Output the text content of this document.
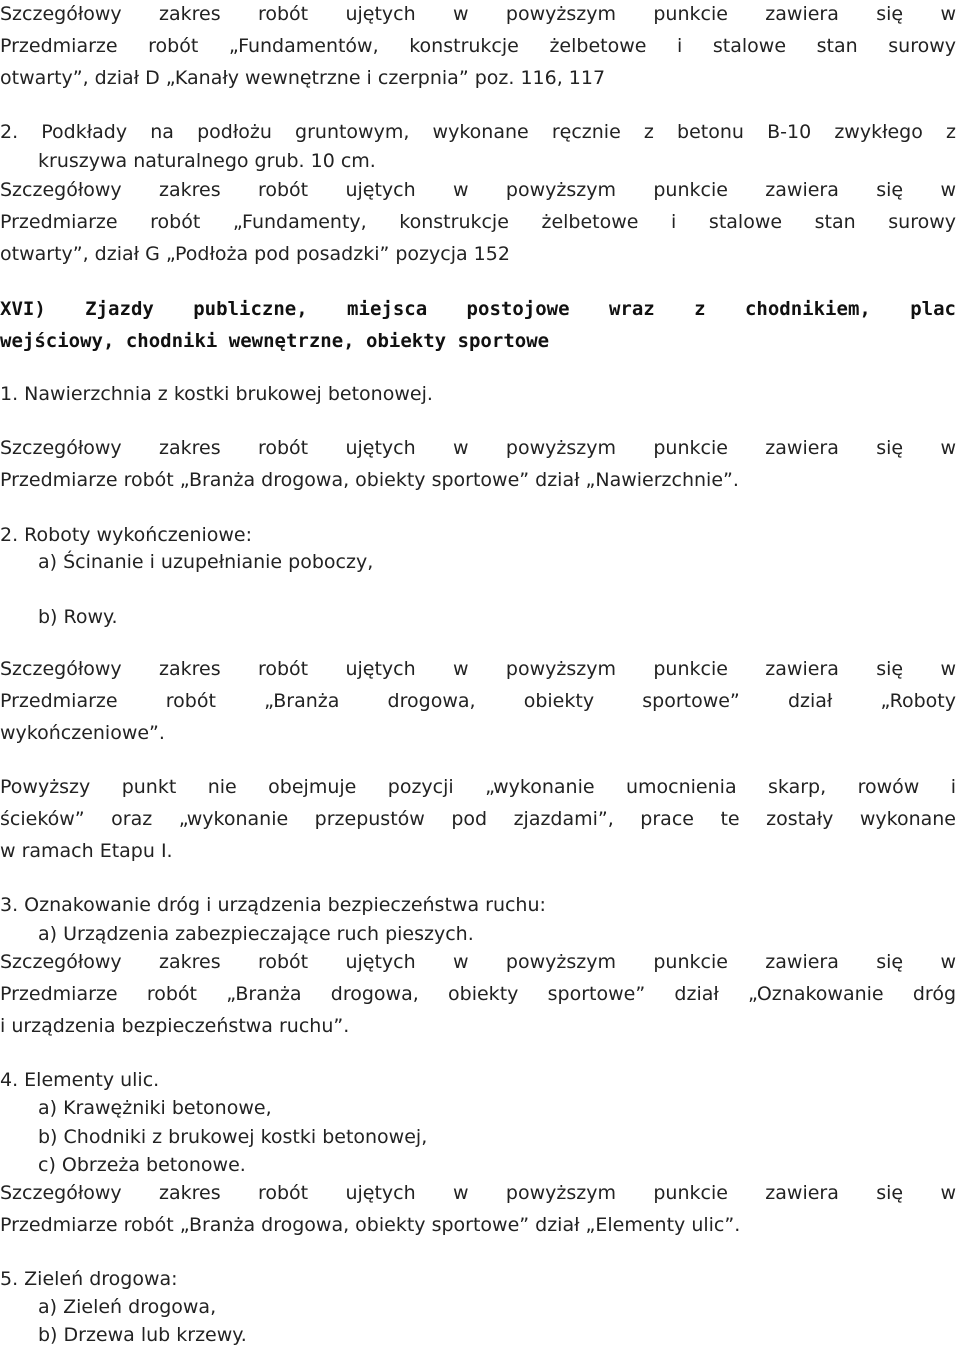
Szczegółowy zakres robót ujętych w powyższym punkcie zawiera się w
Przedmiarze robót „Fundamentów, konstrukcje żelbetowe i stalowe stan surowy
otwarty”, dział D „Kanały wewnętrzne i czerpnia” poz. 116, 117
2. Podkłady na podłożu gruntowym, wykonane ręcznie z betonu B-10 zwykłego z
kruszywa naturalnego grub. 10 cm.
Szczegółowy zakres robót ujętych w powyższym punkcie zawiera się w
Przedmiarze robót „Fundamenty, konstrukcje żelbetowe i stalowe stan surowy
otwarty”, dział G „Podłoża pod posadzki” pozycja 152
XVI) Zjazdy publiczne, miejsca postojowe wraz z chodnikiem, plac
wejściowy, chodniki wewnętrzne, obiekty sportowe
1. Nawierzchnia z kostki brukowej betonowej.
Szczegółowy zakres robót ujętych w powyższym punkcie zawiera się w
Przedmiarze robót „Branża drogowa, obiekty sportowe” dział „Nawierzchnie”.
2. Roboty wykończeniowe:
a) Ścinanie i uzupełnianie poboczy,
b) Rowy.
Szczegółowy zakres robót ujętych w powyższym punkcie zawiera się w
Przedmiarze robót „Branża drogowa, obiekty sportowe” dział „Roboty
wykończeniowe”.
Powyższy punkt nie obejmuje pozycji „wykonanie umocnienia skarp, rowów i
ścieków” oraz „wykonanie przepustów pod zjazdami”, prace te zostały wykonane
w ramach Etapu I.
3. Oznakowanie dróg i urządzenia bezpieczeństwa ruchu:
a) Urządzenia zabezpieczające ruch pieszych.
Szczegółowy zakres robót ujętych w powyższym punkcie zawiera się w
Przedmiarze robót „Branża drogowa, obiekty sportowe” dział „Oznakowanie dróg
i urządzenia bezpieczeństwa ruchu”.
4. Elementy ulic.
a) Krawężniki betonowe,
b) Chodniki z brukowej kostki betonowej,
c) Obrzeża betonowe.
Szczegółowy zakres robót ujętych w powyższym punkcie zawiera się w
Przedmiarze robót „Branża drogowa, obiekty sportowe” dział „Elementy ulic”.
5. Zieleń drogowa:
a) Zieleń drogowa,
b) Drzewa lub krzewy.
